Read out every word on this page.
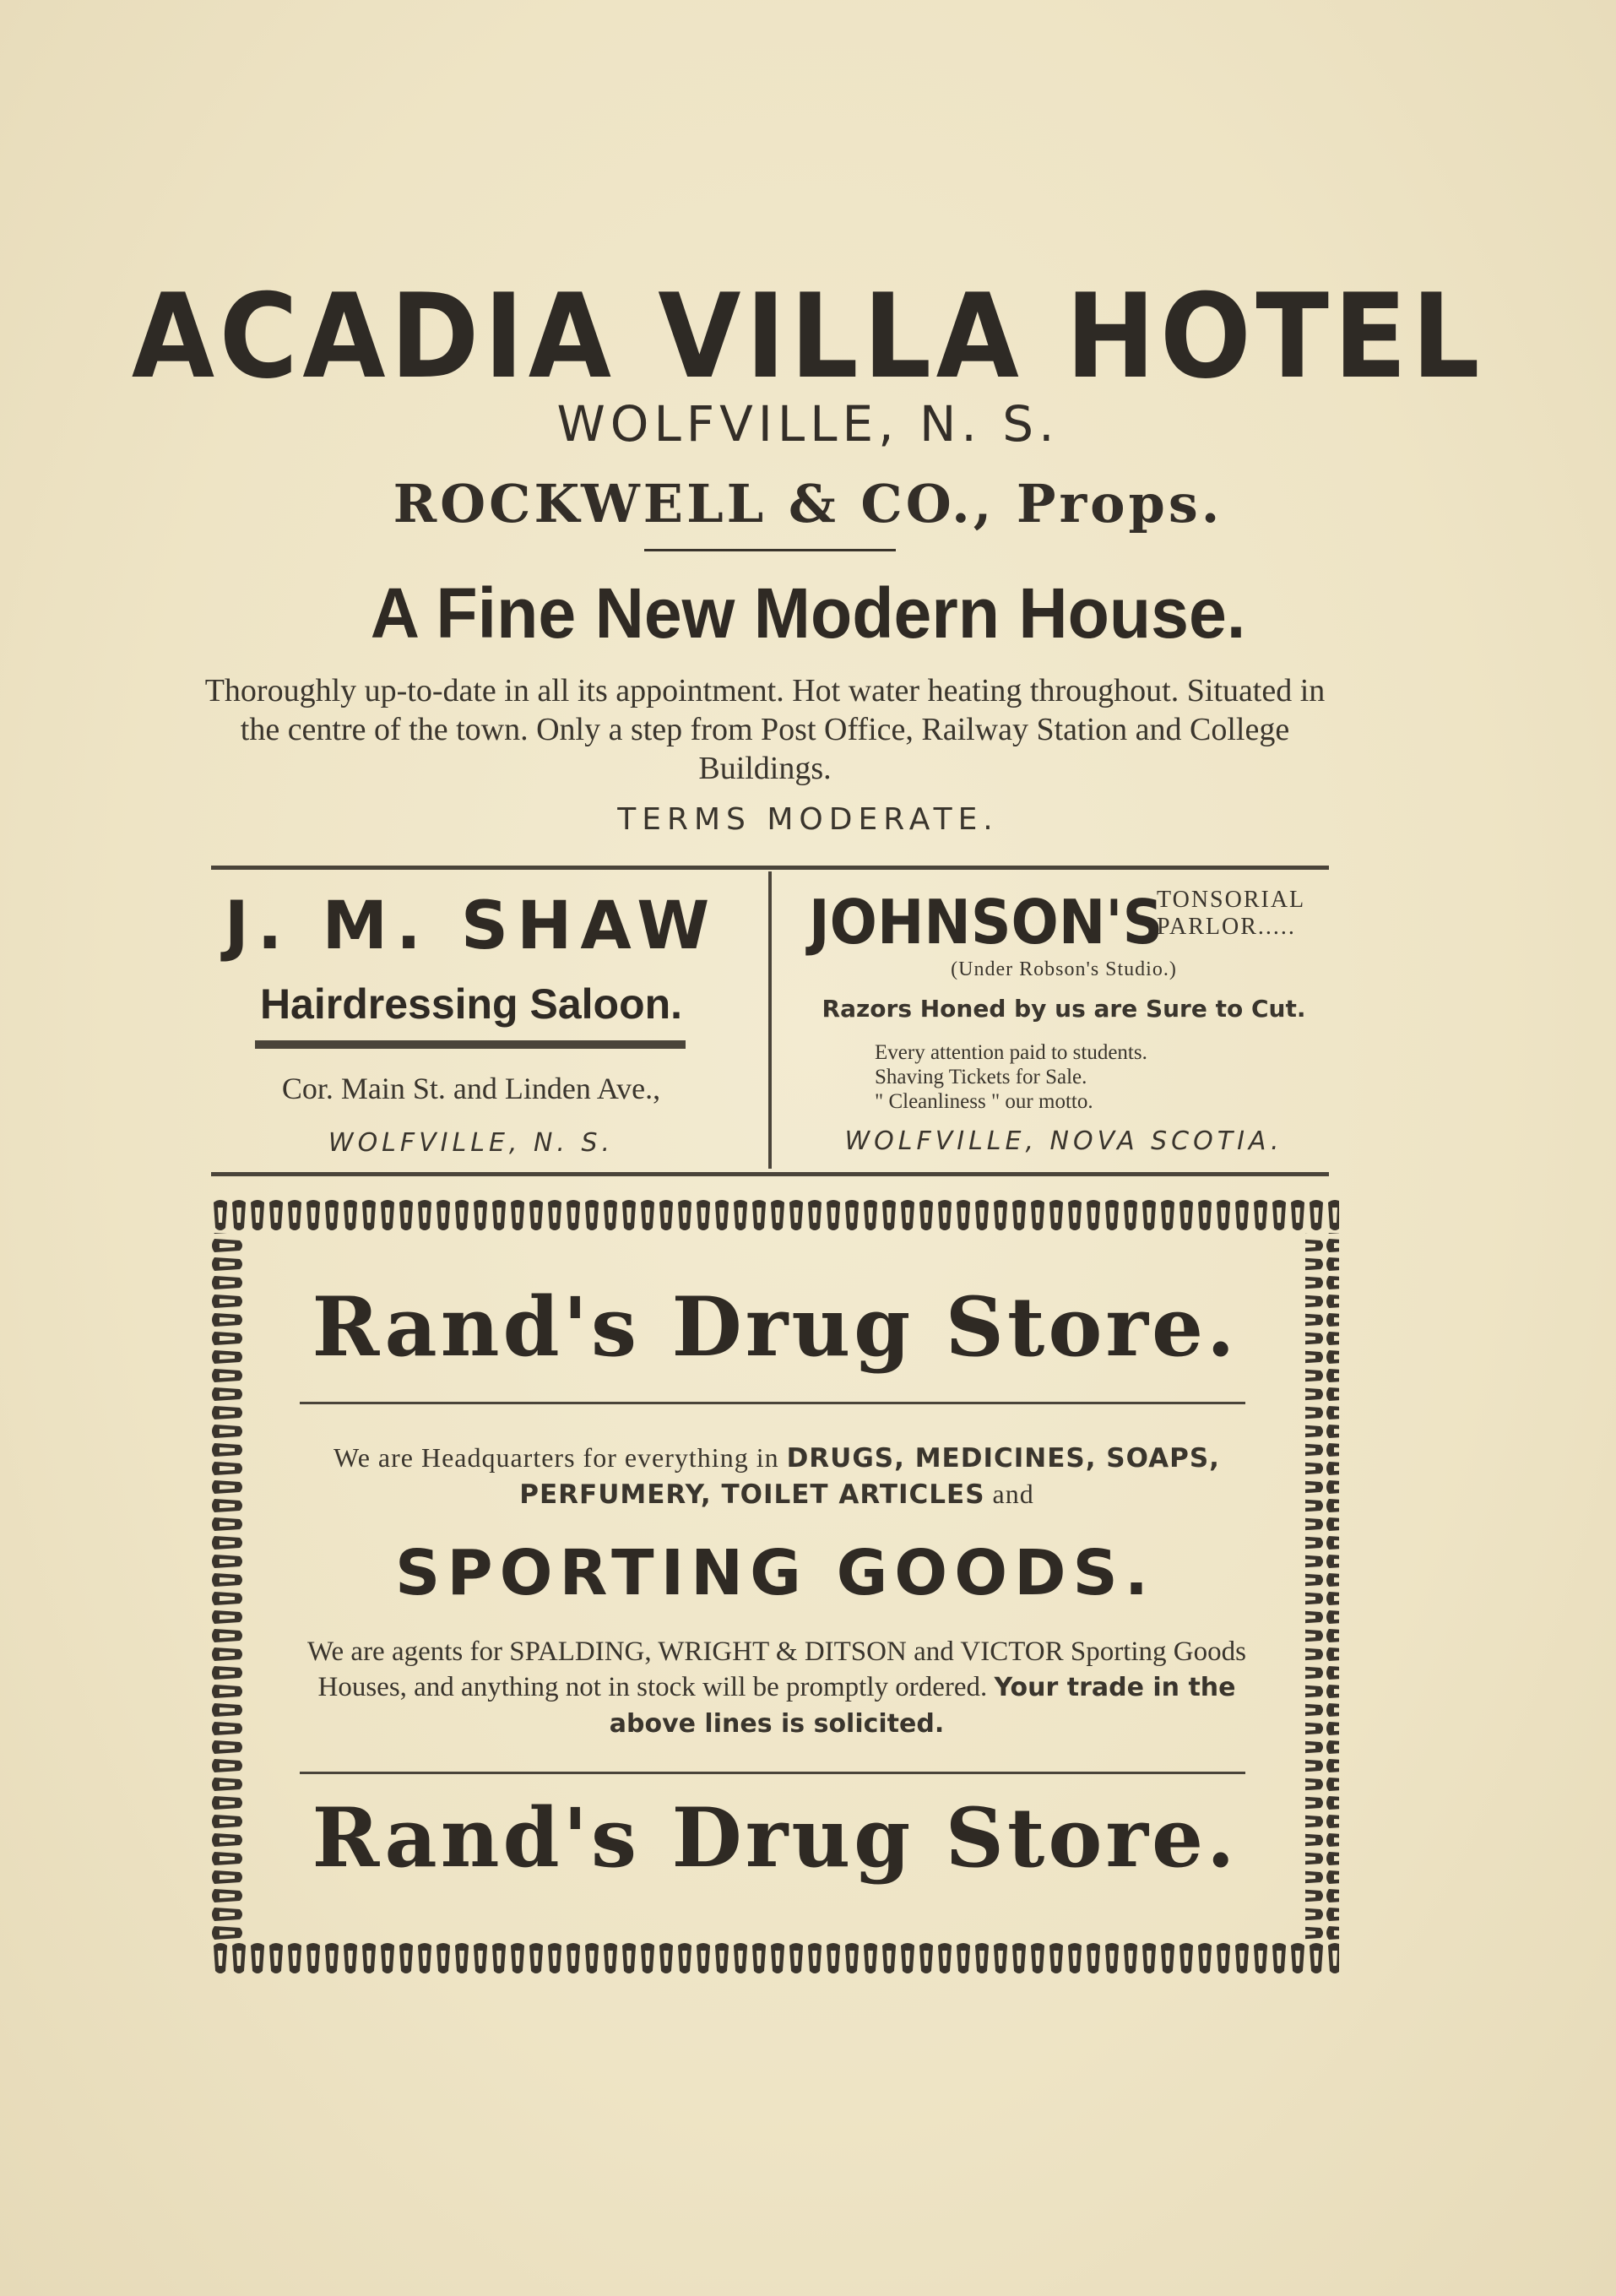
ACADIA VILLA HOTEL
WOLFVILLE, N. S.
ROCKWELL & CO., Props.
A Fine New Modern House.
Thoroughly up-to-date in all its appointment. Hot water heating throughout. Situated in the centre of the town. Only a step from Post Office, Railway Station and College Buildings.
TERMS MODERATE.
J. M. SHAW
Hairdressing Saloon.
Cor. Main St. and Linden Ave.,
WOLFVILLE, N. S.
JOHNSON'S
TONSORIAL
PARLOR.....
(Under Robson's Studio.)
Razors Honed by us are Sure to Cut.
Every attention paid to students.
Shaving Tickets for Sale.
" Cleanliness " our motto.
WOLFVILLE, NOVA SCOTIA.
Rand's Drug Store.
We are Headquarters for everything in DRUGS, MEDICINES, SOAPS, PERFUMERY, TOILET ARTICLES and
SPORTING GOODS.
We are agents for SPALDING, WRIGHT & DITSON and VICTOR Sporting Goods Houses, and anything not in stock will be promptly ordered. Your trade in the above lines is solicited.
Rand's Drug Store.
